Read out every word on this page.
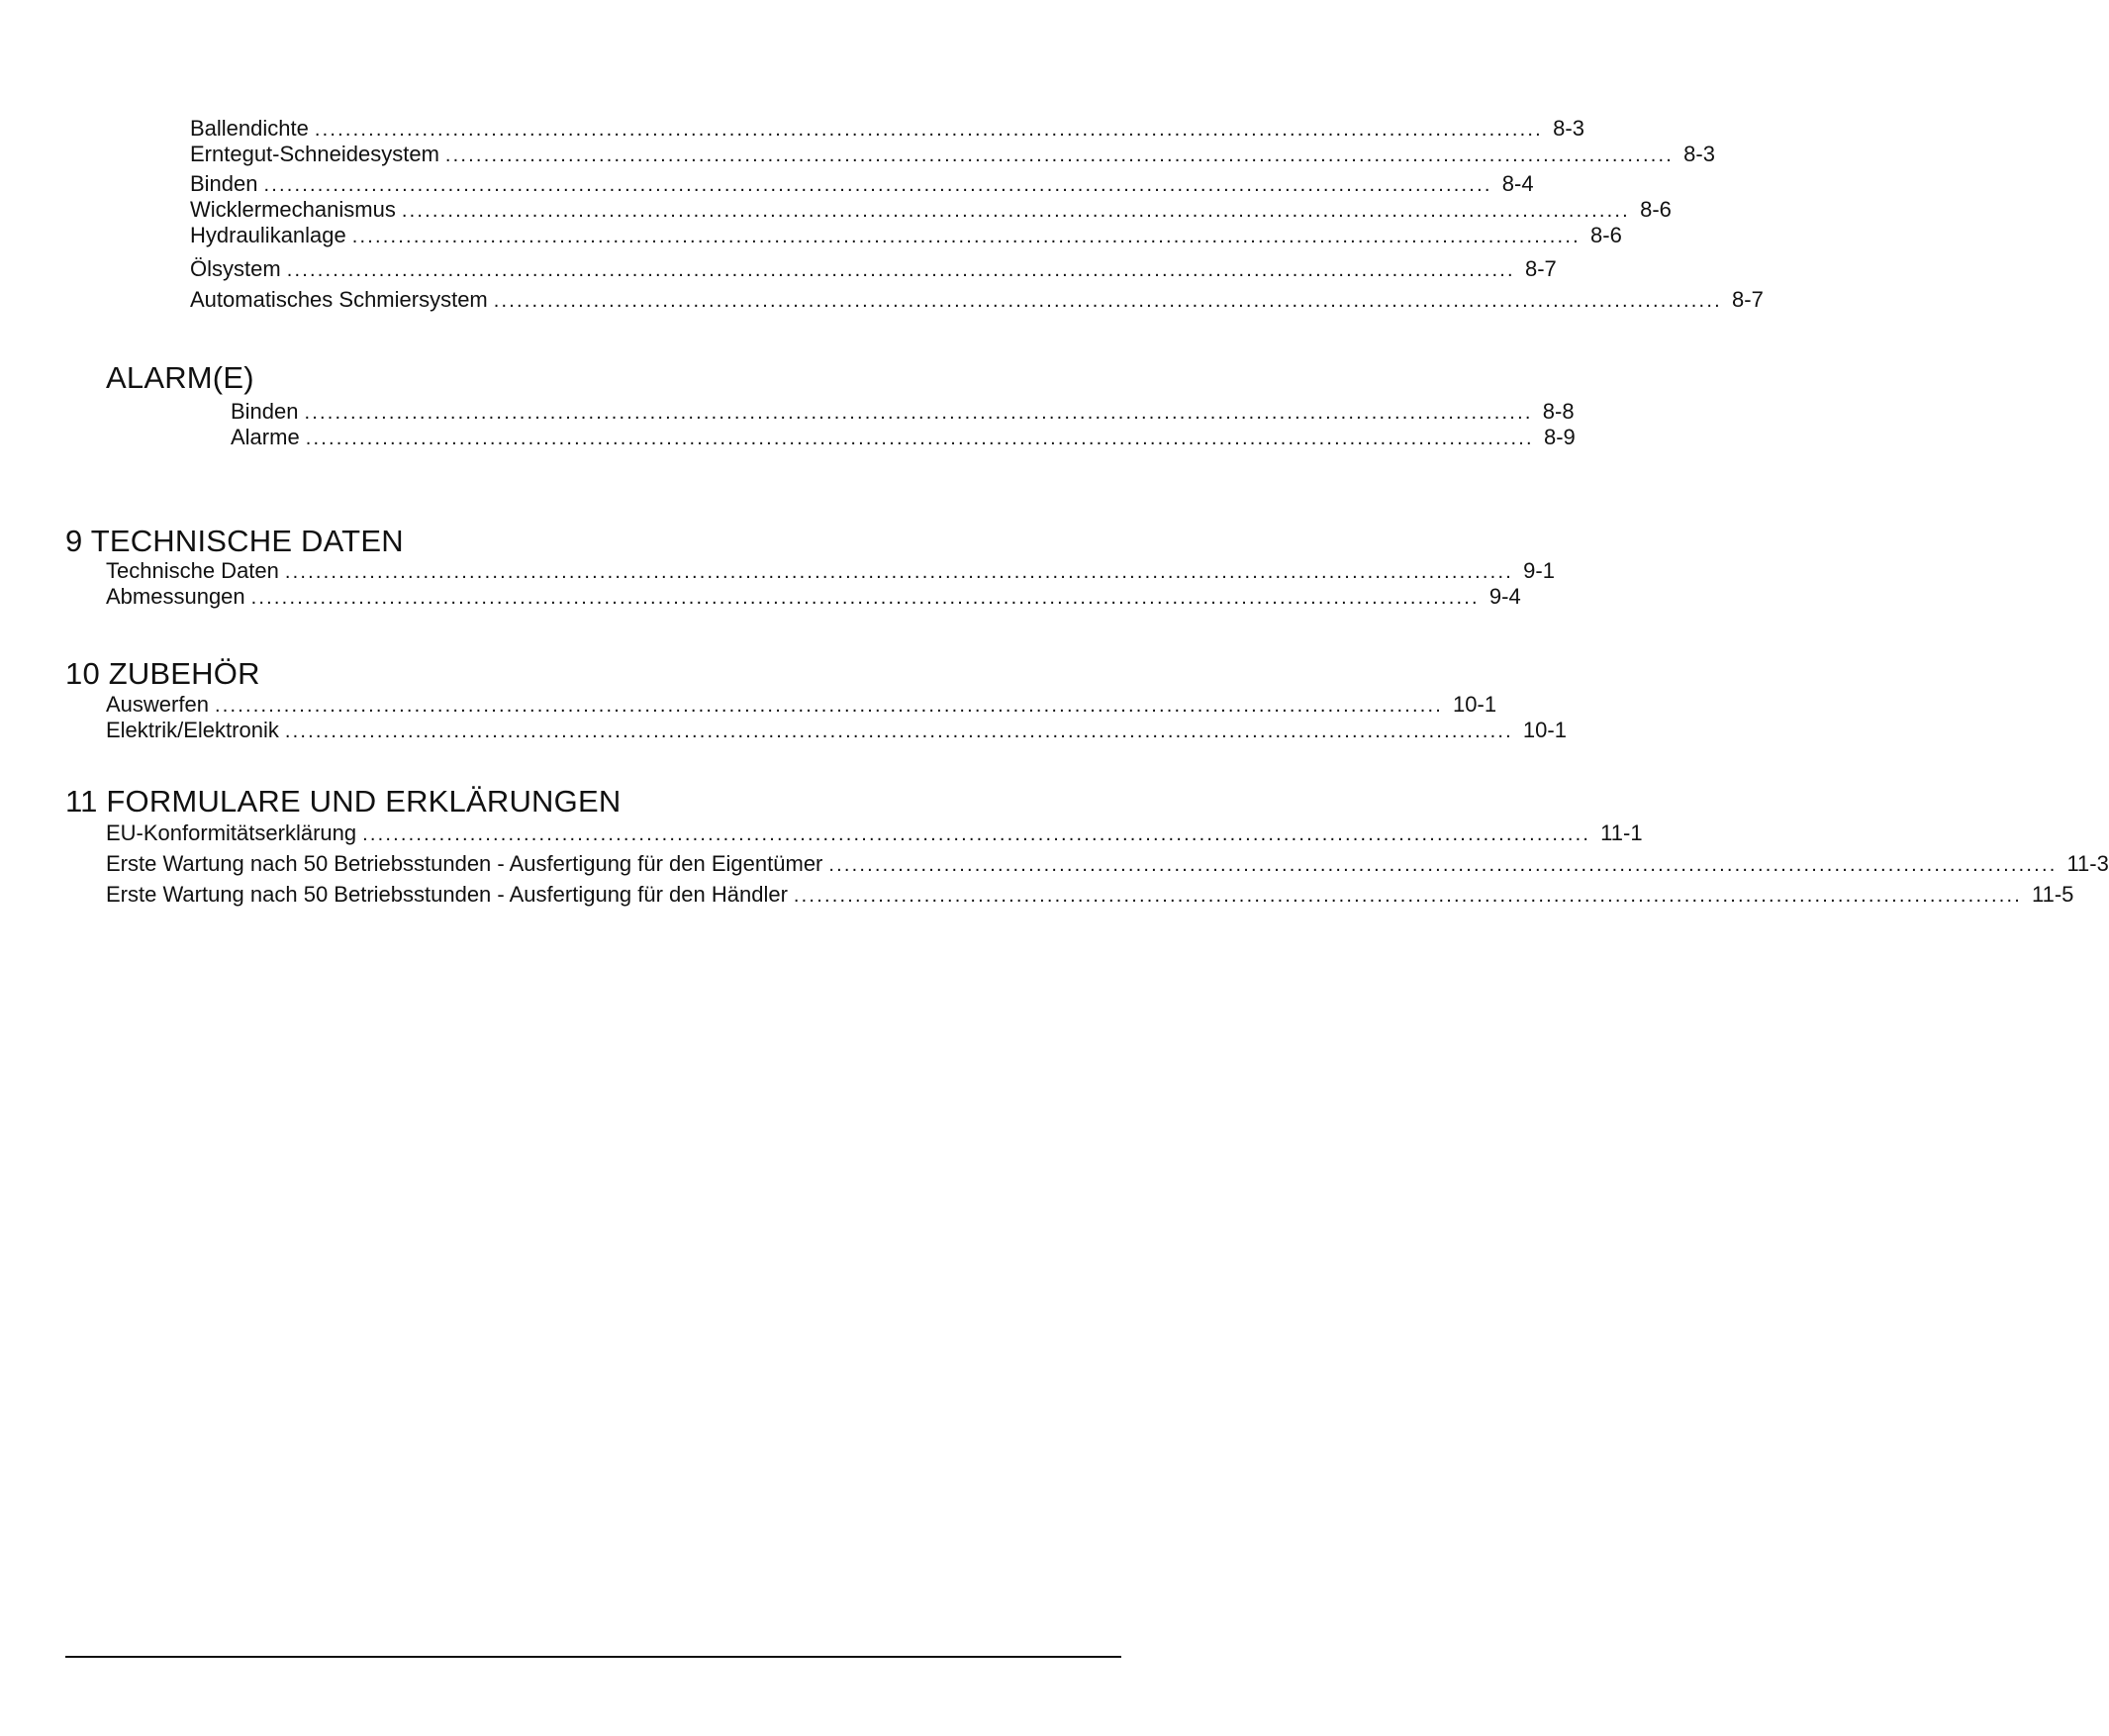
Ballendichte ................................................................................................................................................................ 8-3
Erntegut-Schneidesystem ................................................................................................................................................................ 8-3
Binden ................................................................................................................................................................ 8-4
Wicklermechanismus ................................................................................................................................................................ 8-6
Hydraulikanlage ................................................................................................................................................................ 8-6
Ölsystem ................................................................................................................................................................ 8-7
Automatisches Schmiersystem ................................................................................................................................................................ 8-7
ALARM(E)
Binden ................................................................................................................................................................ 8-8
Alarme ................................................................................................................................................................ 8-9
9 TECHNISCHE DATEN
Technische Daten ................................................................................................................................................................ 9-1
Abmessungen ................................................................................................................................................................ 9-4
10 ZUBEHÖR
Auswerfen ................................................................................................................................................................ 10-1
Elektrik/Elektronik ................................................................................................................................................................ 10-1
11 FORMULARE UND ERKLÄRUNGEN
EU-Konformitätserklärung ................................................................................................................................................................ 11-1
Erste Wartung nach 50 Betriebsstunden - Ausfertigung für den Eigentümer ................................................................................................................................................................ 11-3
Erste Wartung nach 50 Betriebsstunden - Ausfertigung für den Händler ................................................................................................................................................................ 11-5
